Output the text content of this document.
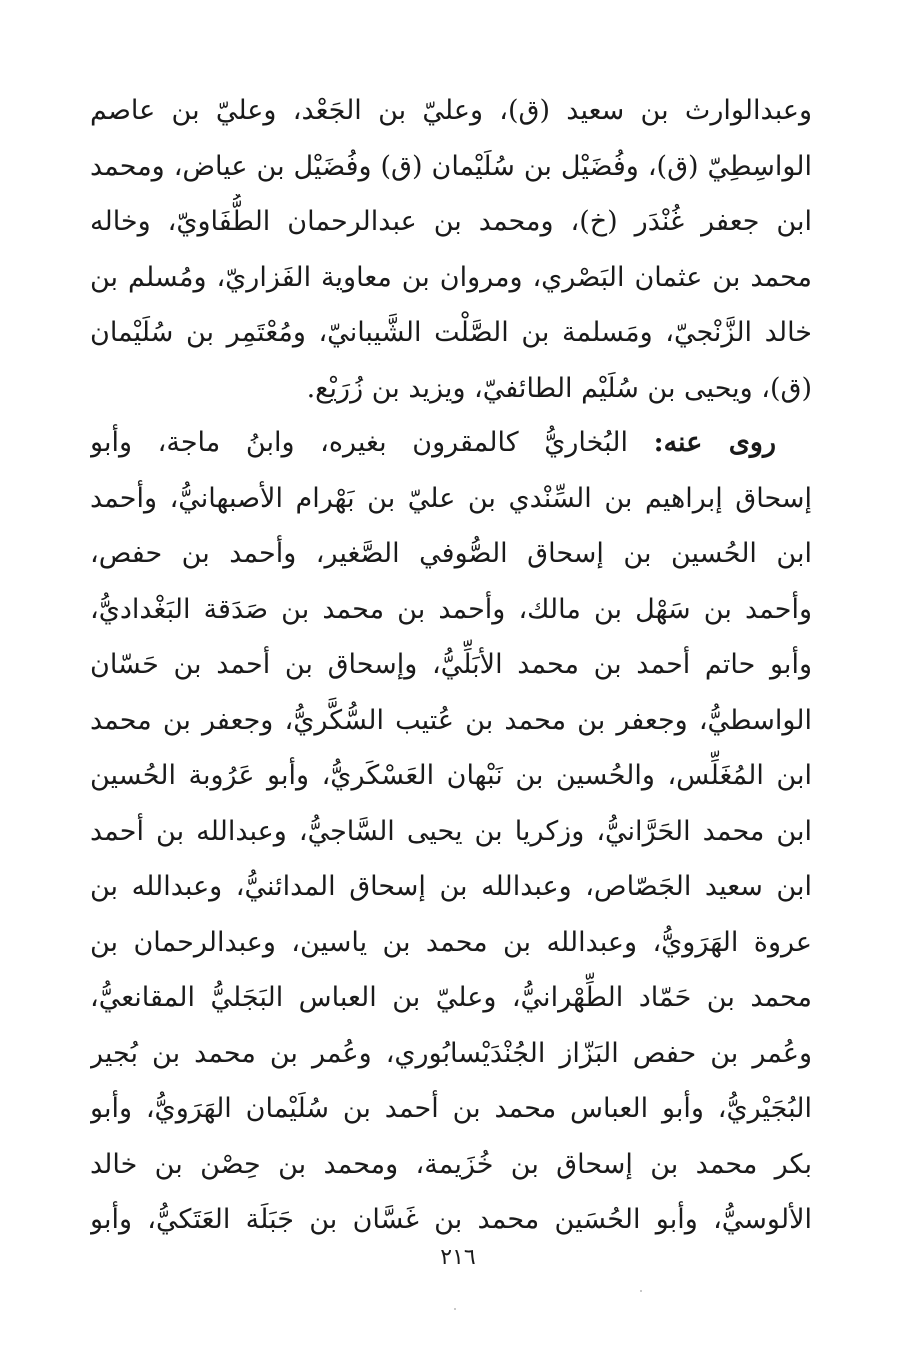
وعبدالوارث بن سعيد (ق)، وعليّ بن الجَعْد، وعليّ بن عاصم
الواسِطِيّ (ق)، وفُضَيْل بن سُلَيْمان (ق) وفُضَيْل بن عياض، ومحمد
ابن جعفر غُنْدَر (خ)، ومحمد بن عبدالرحمان الطُّفَاويّ، وخاله
محمد بن عثمان البَصْري، ومروان بن معاوية الفَزاريّ، ومُسلم بن
خالد الزَّنْجيّ، ومَسلمة بن الصَّلْت الشَّيبانيّ، ومُعْتَمِر بن سُلَيْمان
(ق)، ويحيى بن سُلَيْم الطائفيّ، ويزيد بن زُرَيْع.
روى عنه: البُخاريُّ كالمقرون بغيره، وابنُ ماجة، وأبو
إسحاق إبراهيم بن السِّنْدي بن عليّ بن بَهْرام الأصبهانيُّ، وأحمد
ابن الحُسين بن إسحاق الصُّوفي الصَّغير، وأحمد بن حفص،
وأحمد بن سَهْل بن مالك، وأحمد بن محمد بن صَدَقة البَغْداديُّ،
وأبو حاتم أحمد بن محمد الأبَلِّيُّ، وإسحاق بن أحمد بن حَسّان
الواسطيُّ، وجعفر بن محمد بن عُتيب السُّكَّريُّ، وجعفر بن محمد
ابن المُغَلِّس، والحُسين بن نَبْهان العَسْكَريُّ، وأبو عَرُوبة الحُسين
ابن محمد الحَرَّانيُّ، وزكريا بن يحيى السَّاجيُّ، وعبدالله بن أحمد
ابن سعيد الجَصّاص، وعبدالله بن إسحاق المدائنيُّ، وعبدالله بن
عروة الهَرَويُّ، وعبدالله بن محمد بن ياسين، وعبدالرحمان بن
محمد بن حَمّاد الطِّهْرانيُّ، وعليّ بن العباس البَجَليُّ المقانعيُّ،
وعُمر بن حفص البَزّاز الجُنْدَيْسابُوري، وعُمر بن محمد بن بُجير
البُجَيْريُّ، وأبو العباس محمد بن أحمد بن سُلَيْمان الهَرَويُّ، وأبو
بكر محمد بن إسحاق بن خُزَيمة، ومحمد بن حِصْن بن خالد
الألوسيُّ، وأبو الحُسَين محمد بن غَسَّان بن جَبَلَة العَتَكيُّ، وأبو
٢١٦
